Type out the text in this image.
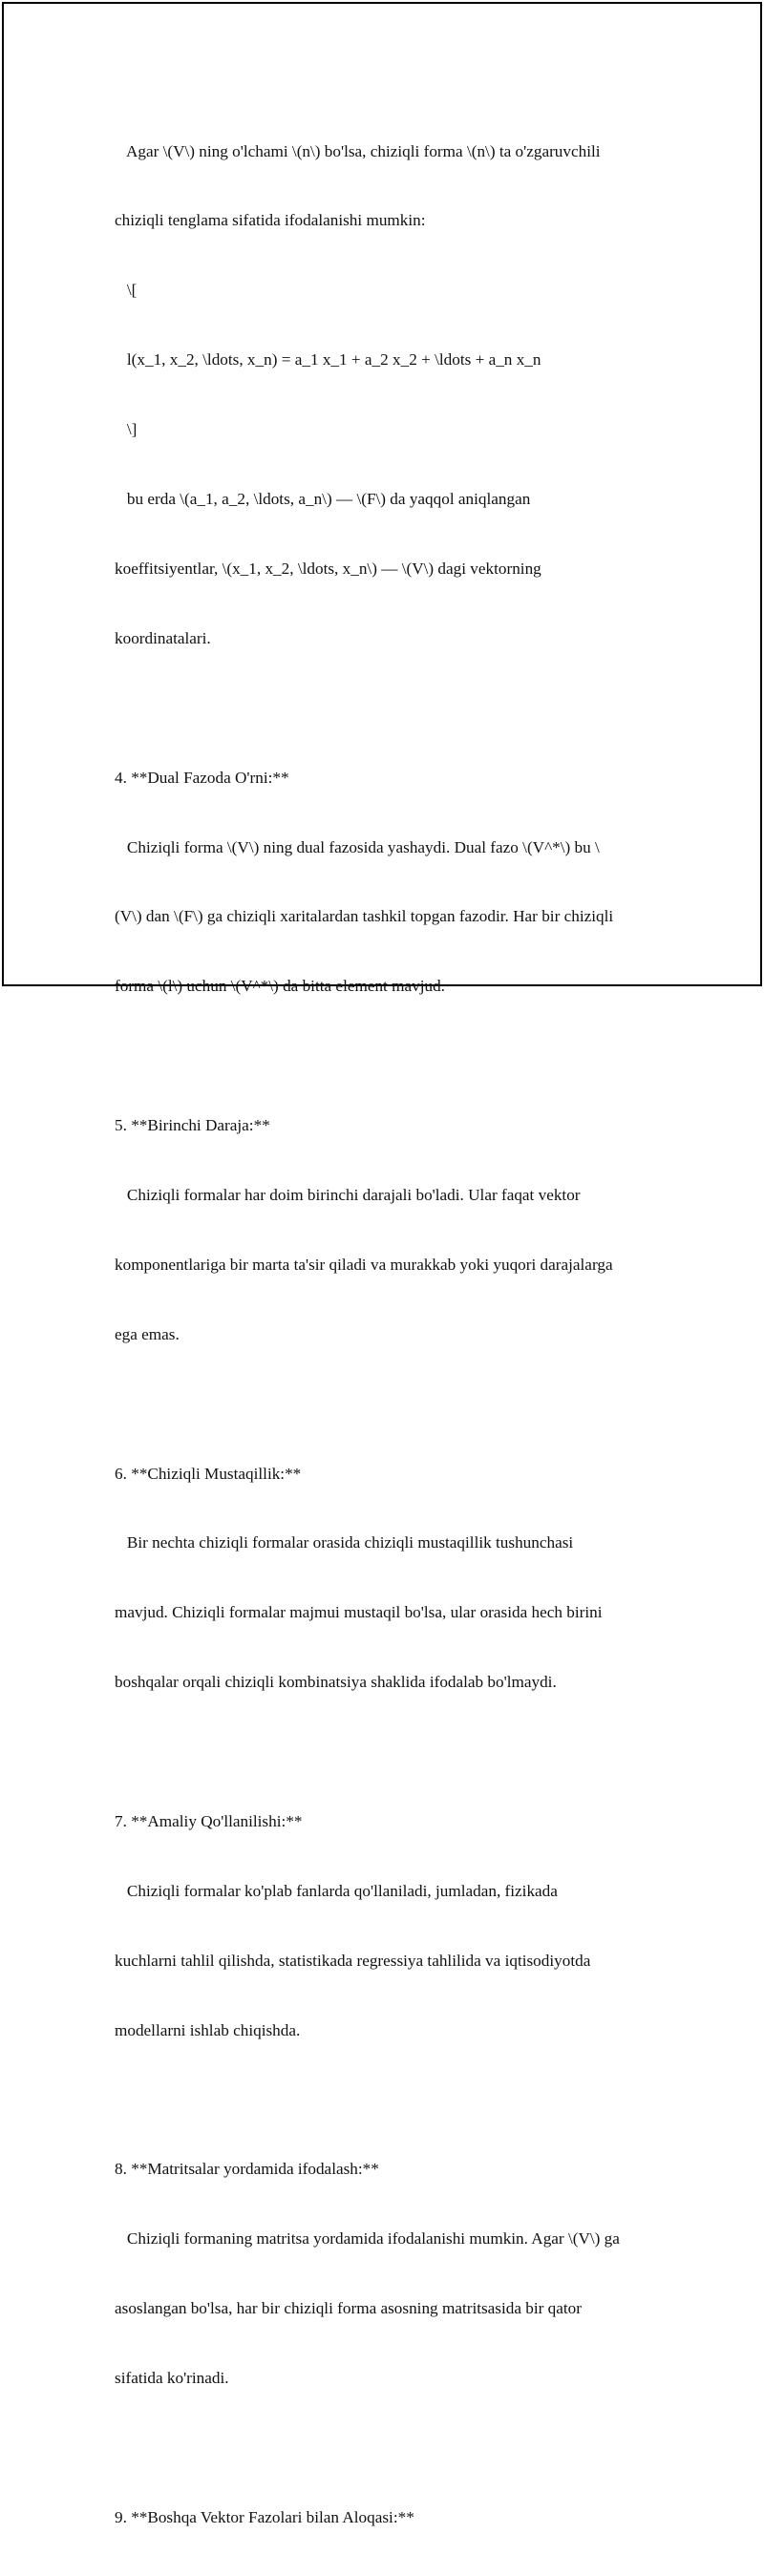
Agar \(V\) ning o'lchami \(n\) bo'lsa, chiziqli forma \(n\) ta o'zgaruvchili

chiziqli tenglama sifatida ifodalanishi mumkin:

\[

l(x_1, x_2, \ldots, x_n) = a_1 x_1 + a_2 x_2 + \ldots + a_n x_n

\]

bu erda \(a_1, a_2, \ldots, a_n\) — \(F\) da yaqqol aniqlangan

koeffitsiyentlar, \(x_1, x_2, \ldots, x_n\) — \(V\) dagi vektorning

koordinatalari.

4. **Dual Fazoda O'rni:**

Chiziqli forma \(V\) ning dual fazosida yashaydi. Dual fazo \(V^*\) bu \

(V\) dan \(F\) ga chiziqli xaritalardan tashkil topgan fazodir. Har bir chiziqli

forma \(l\) uchun \(V^*\) da bitta element mavjud.

5. **Birinchi Daraja:**

Chiziqli formalar har doim birinchi darajali bo'ladi. Ular faqat vektor

komponentlariga bir marta ta'sir qiladi va murakkab yoki yuqori darajalarga

ega emas.

6. **Chiziqli Mustaqillik:**

Bir nechta chiziqli formalar orasida chiziqli mustaqillik tushunchasi

mavjud. Chiziqli formalar majmui mustaqil bo'lsa, ular orasida hech birini

boshqalar orqali chiziqli kombinatsiya shaklida ifodalab bo'lmaydi.

7. **Amaliy Qo'llanilishi:**

Chiziqli formalar ko'plab fanlarda qo'llaniladi, jumladan, fizikada

kuchlarni tahlil qilishda, statistikada regressiya tahlilida va iqtisodiyotda

modellarni ishlab chiqishda.

8. **Matritsalar yordamida ifodalash:**

Chiziqli formaning matritsa yordamida ifodalanishi mumkin. Agar \(V\) ga

asoslangan bo'lsa, har bir chiziqli forma asosning matritsasida bir qator

sifatida ko'rinadi.

9. **Boshqa Vektor Fazolari bilan Aloqasi:**
